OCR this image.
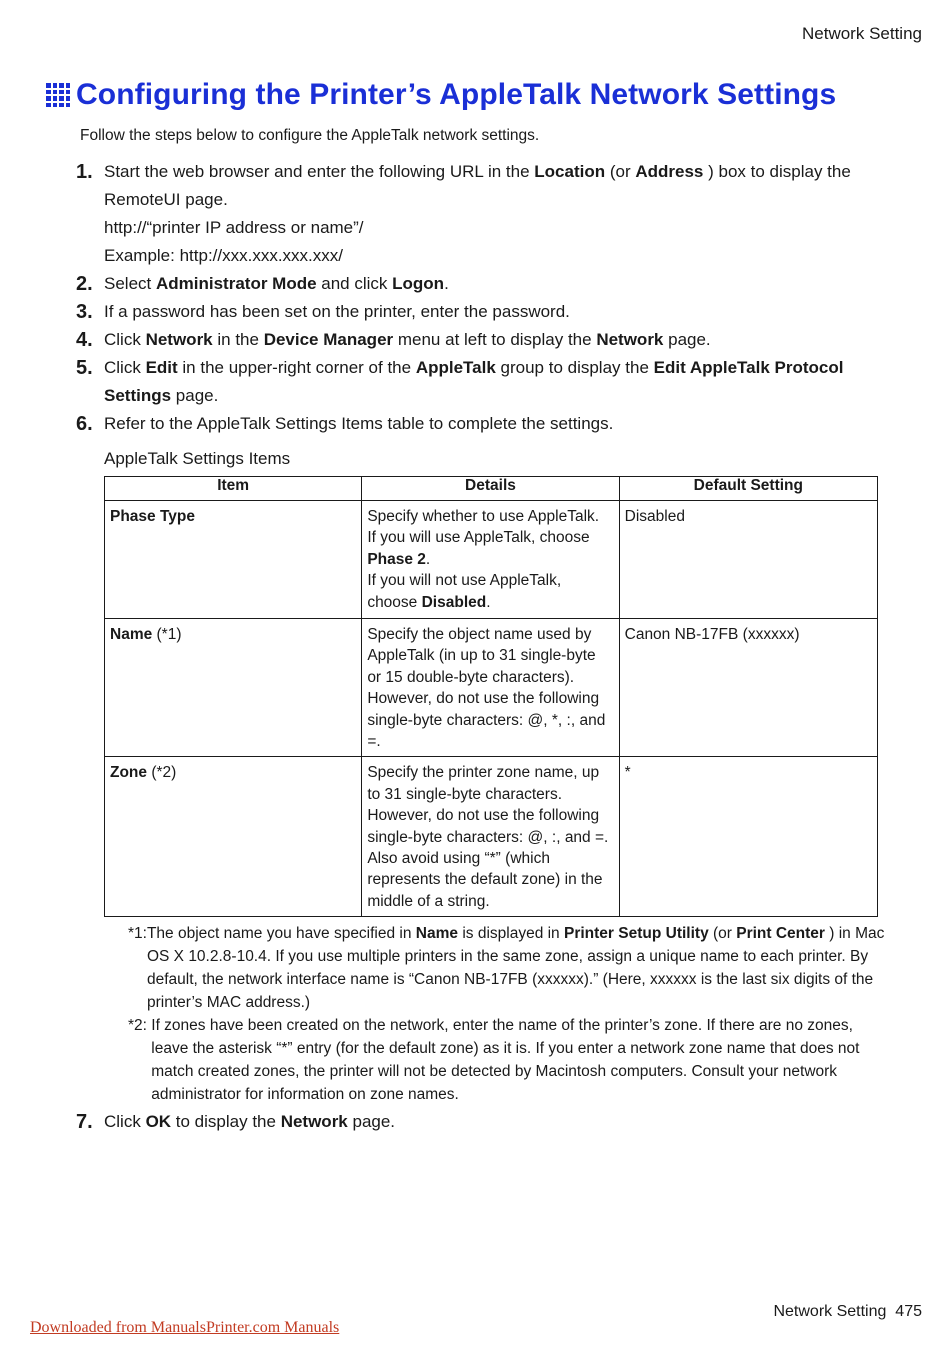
Network Setting
Configuring the Printer’s AppleTalk Network Settings
Follow the steps below to configure the AppleTalk network settings.
1. Start the web browser and enter the following URL in the Location (or Address ) box to display the RemoteUI page.
http://“printer IP address or name”/
Example: http://xxx.xxx.xxx.xxx/
2. Select Administrator Mode and click Logon.
3. If a password has been set on the printer, enter the password.
4. Click Network in the Device Manager menu at left to display the Network page.
5. Click Edit in the upper-right corner of the AppleTalk group to display the Edit AppleTalk Protocol Settings page.
6. Refer to the AppleTalk Settings Items table to complete the settings.
AppleTalk Settings Items
Item	Details	Default Setting
Phase Type	Specify whether to use AppleTalk.
If you will use AppleTalk, choose Phase 2.
If you will not use AppleTalk, choose Disabled.	Disabled
Name (*1)	Specify the object name used by AppleTalk (in up to 31 single-byte or 15 double-byte characters). However, do not use the following single-byte characters: @, *, :, and =.	Canon NB-17FB (xxxxxx)
Zone (*2)	Specify the printer zone name, up to 31 single-byte characters. However, do not use the following single-byte characters: @, :, and =. Also avoid using “*” (which represents the default zone) in the middle of a string.	*
*1: The object name you have specified in Name is displayed in Printer Setup Utility (or Print Center ) in Mac OS X 10.2.8-10.4. If you use multiple printers in the same zone, assign a unique name to each printer. By default, the network interface name is “Canon NB-17FB (xxxxxx).” (Here, xxxxxx is the last six digits of the printer’s MAC address.)
*2: If zones have been created on the network, enter the name of the printer’s zone. If there are no zones, leave the asterisk “*” entry (for the default zone) as it is. If you enter a network zone name that does not match created zones, the printer will not be detected by Macintosh computers. Consult your network administrator for information on zone names.
7. Click OK to display the Network page.
Network Setting 475
Downloaded from ManualsPrinter.com Manuals
